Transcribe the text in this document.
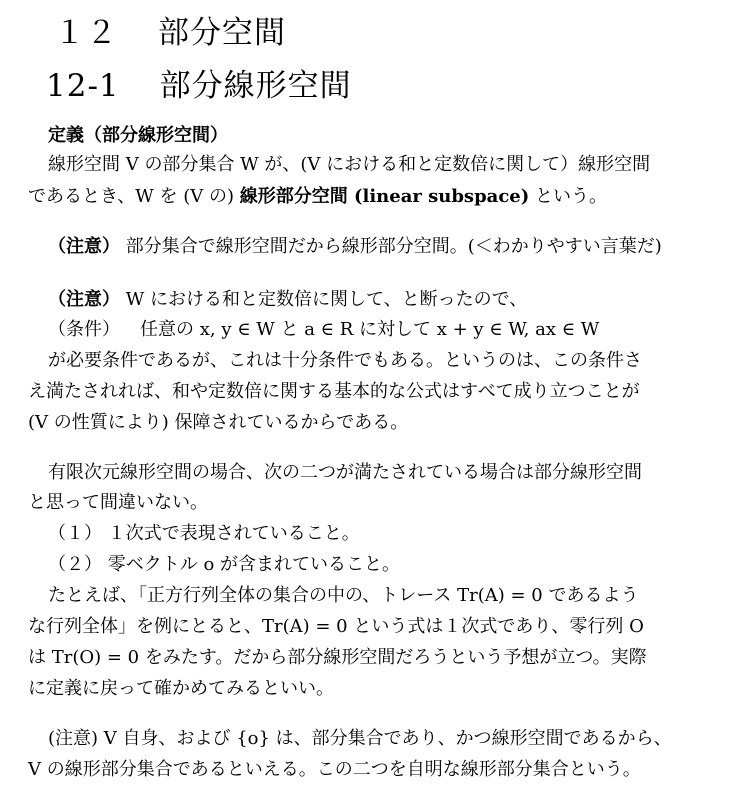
１２ 部分空間
12-1 部分線形空間
定義（部分線形空間）
線形空間 V の部分集合 W が、(V における和と定数倍に関して）線形空間
であるとき、W を (V の) 線形部分空間 (linear subspace) という。
（注意） 部分集合で線形空間だから線形部分空間。(＜わかりやすい言葉だ)
（注意） W における和と定数倍に関して、と断ったので、
（条件） 任意の x, y ∈ W と a ∈ R に対して x + y ∈ W, ax ∈ W
が必要条件であるが、これは十分条件でもある。というのは、この条件さ
え満たされれば、和や定数倍に関する基本的な公式はすべて成り立つことが
(V の性質により) 保障されているからである。
有限次元線形空間の場合、次の二つが満たされている場合は部分線形空間
と思って間違いない。
（１） １次式で表現されていること。
（２） 零ベクトル o が含まれていること。
たとえば、「正方行列全体の集合の中の、トレース Tr(A) = 0 であるよう
な行列全体」を例にとると、Tr(A) = 0 という式は１次式であり、零行列 O
は Tr(O) = 0 をみたす。だから部分線形空間だろうという予想が立つ。実際
に定義に戻って確かめてみるといい。
(注意) V 自身、および {o} は、部分集合であり、かつ線形空間であるから、
V の線形部分集合であるといえる。この二つを自明な線形部分集合という。
